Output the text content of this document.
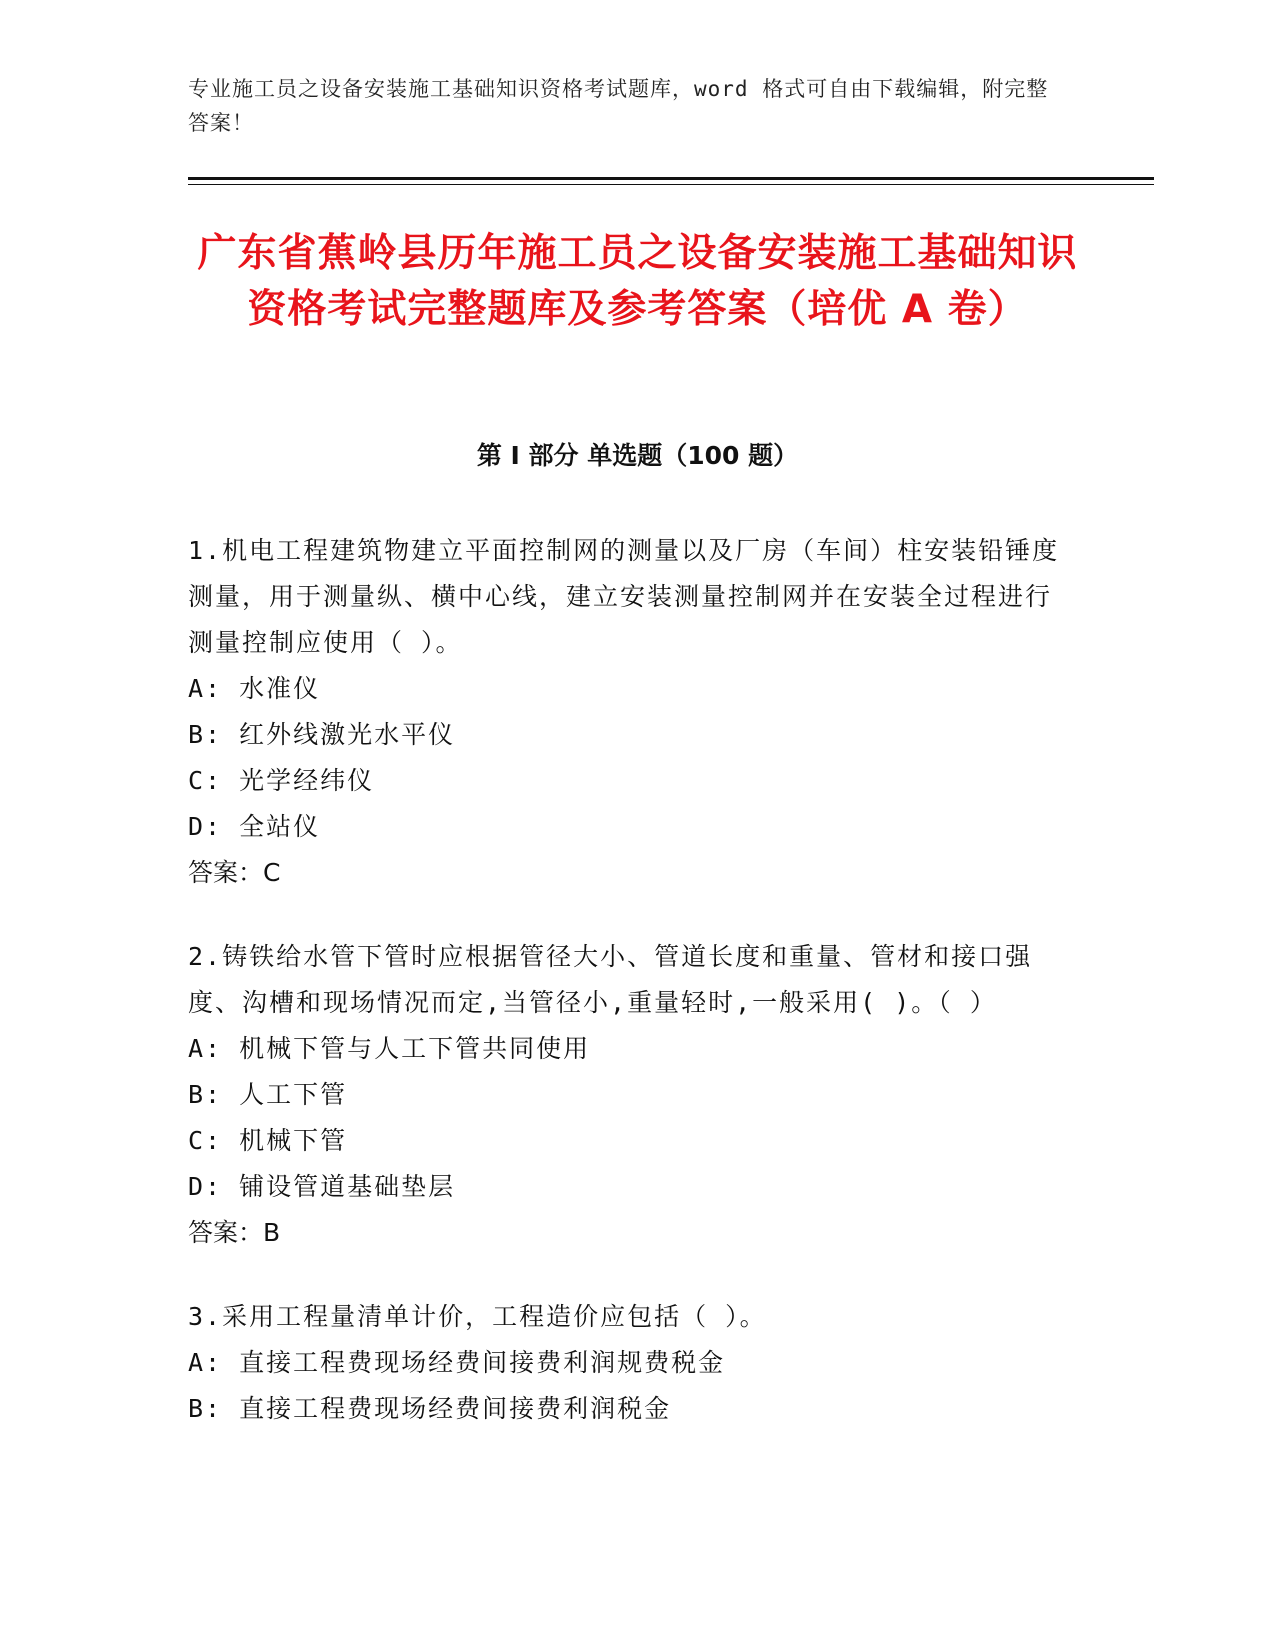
专业施工员之设备安装施工基础知识资格考试题库，word 格式可自由下载编辑，附完整答案！
广东省蕉岭县历年施工员之设备安装施工基础知识资格考试完整题库及参考答案（培优 A 卷）
第 I 部分 单选题（100 题）
1.机电工程建筑物建立平面控制网的测量以及厂房（车间）柱安装铅锤度测量，用于测量纵、横中心线，建立安装测量控制网并在安装全过程进行测量控制应使用（ ）。
A: 水准仪
B: 红外线激光水平仪
C: 光学经纬仪
D: 全站仪
答案：C
2.铸铁给水管下管时应根据管径大小、管道长度和重量、管材和接口强度、沟槽和现场情况而定,当管径小,重量轻时,一般采用( )。（ ）
A: 机械下管与人工下管共同使用
B: 人工下管
C: 机械下管
D: 铺设管道基础垫层
答案：B
3.采用工程量清单计价，工程造价应包括（ ）。
A: 直接工程费现场经费间接费利润规费税金
B: 直接工程费现场经费间接费利润税金
